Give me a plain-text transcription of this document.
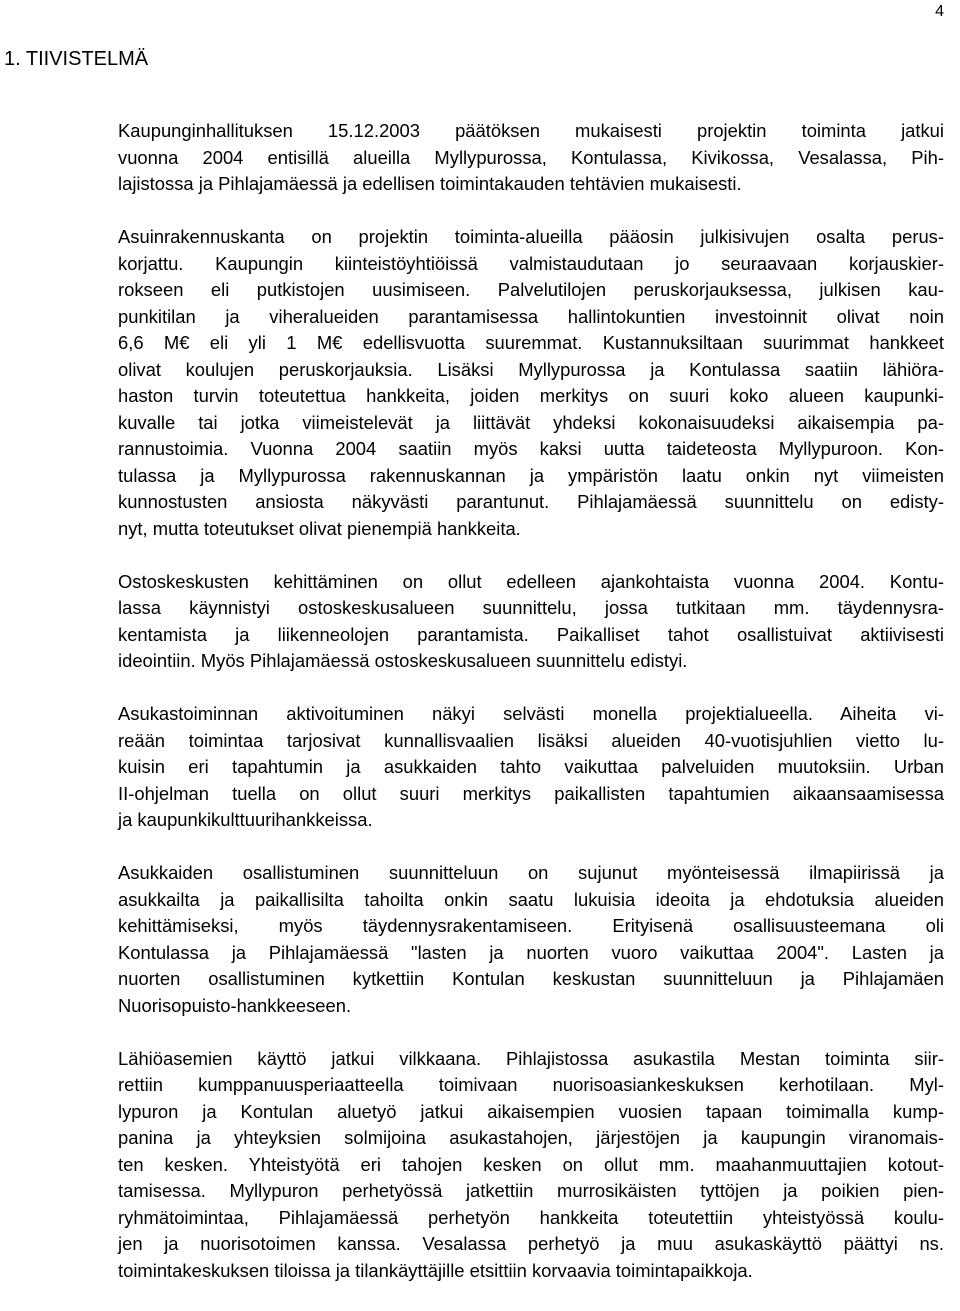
4
1. TIIVISTELMÄ

Kaupunginhallituksen 15.12.2003 päätöksen mukaisesti projektin toiminta jatkui
vuonna 2004 entisillä alueilla Myllypurossa, Kontulassa, Kivikossa, Vesalassa, Pih-
lajistossa ja Pihlajamäessä ja edellisen toimintakauden tehtävien mukaisesti.

Asuinrakennuskanta on projektin toiminta-alueilla pääosin julkisivujen osalta perus-
korjattu. Kaupungin kiinteistöyhtiöissä valmistaudutaan jo seuraavaan korjauskier-
rokseen eli putkistojen uusimiseen. Palvelutilojen peruskorjauksessa, julkisen kau-
punkitilan ja viheralueiden parantamisessa hallintokuntien investoinnit olivat noin
6,6 M€ eli yli 1 M€ edellisvuotta suuremmat. Kustannuksiltaan suurimmat hankkeet
olivat koulujen peruskorjauksia. Lisäksi Myllypurossa ja Kontulassa saatiin lähiöra-
haston turvin toteutettua hankkeita, joiden merkitys on suuri koko alueen kaupunki-
kuvalle tai jotka viimeistelevät ja liittävät yhdeksi kokonaisuudeksi aikaisempia pa-
rannustoimia. Vuonna 2004 saatiin myös kaksi uutta taideteosta Myllypuroon. Kon-
tulassa ja Myllypurossa rakennuskannan ja ympäristön laatu onkin nyt viimeisten
kunnostusten ansiosta näkyvästi parantunut. Pihlajamäessä suunnittelu on edisty-
nyt, mutta toteutukset olivat pienempiä hankkeita.

Ostoskeskusten kehittäminen on ollut edelleen ajankohtaista vuonna 2004. Kontu-
lassa käynnistyi ostoskeskusalueen suunnittelu, jossa tutkitaan mm. täydennysra-
kentamista ja liikenneolojen parantamista. Paikalliset tahot osallistuivat aktiivisesti
ideointiin. Myös Pihlajamäessä ostoskeskusalueen suunnittelu edistyi.

Asukastoiminnan aktivoituminen näkyi selvästi monella projektialueella. Aiheita vi-
reään toimintaa tarjosivat kunnallisvaalien lisäksi alueiden 40-vuotisjuhlien vietto lu-
kuisin eri tapahtumin ja asukkaiden tahto vaikuttaa palveluiden muutoksiin. Urban
II-ohjelman tuella on ollut suuri merkitys paikallisten tapahtumien aikaansaamisessa
ja kaupunkikulttuurihankkeissa.

Asukkaiden osallistuminen suunnitteluun on sujunut myönteisessä ilmapiirissä ja
asukkailta ja paikallisilta tahoilta onkin saatu lukuisia ideoita ja ehdotuksia alueiden
kehittämiseksi, myös täydennysrakentamiseen. Erityisenä osallisuusteemana oli
Kontulassa ja Pihlajamäessä "lasten ja nuorten vuoro vaikuttaa 2004". Lasten ja
nuorten osallistuminen kytkettiin Kontulan keskustan suunnitteluun ja Pihlajamäen
Nuorisopuisto-hankkeeseen.

Lähiöasemien käyttö jatkui vilkkaana. Pihlajistossa asukastila Mestan toiminta siir-
rettiin kumppanuusperiaatteella toimivaan nuorisoasiankeskuksen kerhotilaan. Myl-
lypuron ja Kontulan aluetyö jatkui aikaisempien vuosien tapaan toimimalla kump-
panina ja yhteyksien solmijoina asukastahojen, järjestöjen ja kaupungin viranomais-
ten kesken. Yhteistyötä eri tahojen kesken on ollut mm. maahanmuuttajien kotout-
tamisessa. Myllypuron perhetyössä jatkettiin murrosikäisten tyttöjen ja poikien pien-
ryhmätoimintaa, Pihlajamäessä perhetyön hankkeita toteutettiin yhteistyössä koulu-
jen ja nuorisotoimen kanssa. Vesalassa perhetyö ja muu asukaskäyttö päättyi ns.
toimintakeskuksen tiloissa ja tilankäyttäjille etsittiin korvaavia toimintapaikkoja.
